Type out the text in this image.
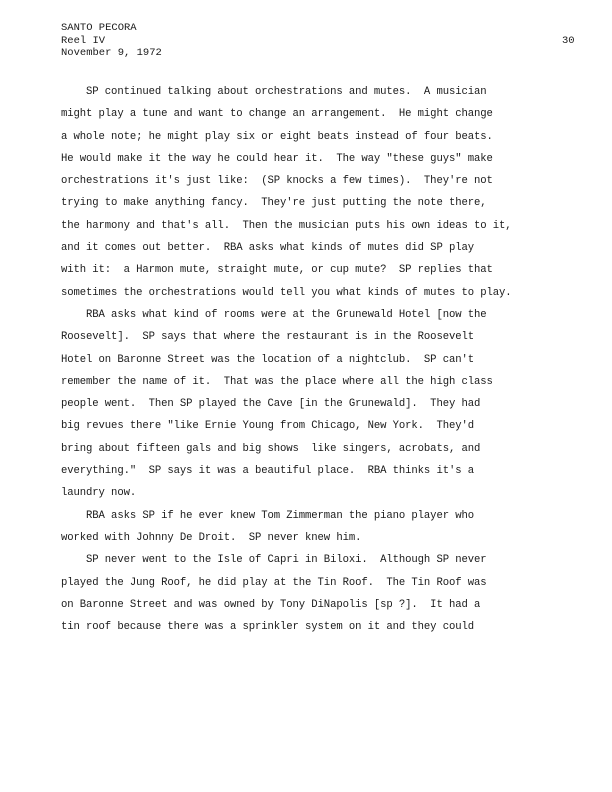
SANTO PECORA
Reel IV
November 9, 1972
30
SP continued talking about orchestrations and mutes.  A musician
might play a tune and want to change an arrangement.  He might change
a whole note; he might play six or eight beats instead of four beats.
He would make it the way he could hear it.  The way "these guys" make
orchestrations it's just like:  (SP knocks a few times).  They're not
trying to make anything fancy.  They're just putting the note there,
the harmony and that's all.  Then the musician puts his own ideas to it,
and it comes out better.  RBA asks what kinds of mutes did SP play
with it:  a Harmon mute, straight mute, or cup mute?  SP replies that
sometimes the orchestrations would tell you what kinds of mutes to play.
RBA asks what kind of rooms were at the Grunewald Hotel [now the
Roosevelt].  SP says that where the restaurant is in the Roosevelt
Hotel on Baronne Street was the location of a nightclub.  SP can't
remember the name of it.  That was the place where all the high class
people went.  Then SP played the Cave [in the Grunewald].  They had
big revues there "like Ernie Young from Chicago, New York.  They'd
bring about fifteen gals and big shows  like singers, acrobats, and
everything."  SP says it was a beautiful place.  RBA thinks it's a
laundry now.
RBA asks SP if he ever knew Tom Zimmerman the piano player who
worked with Johnny De Droit.  SP never knew him.
SP never went to the Isle of Capri in Biloxi.  Although SP never
played the Jung Roof, he did play at the Tin Roof.  The Tin Roof was
on Baronne Street and was owned by Tony DiNapolis [sp ?].  It had a
tin roof because there was a sprinkler system on it and they could
